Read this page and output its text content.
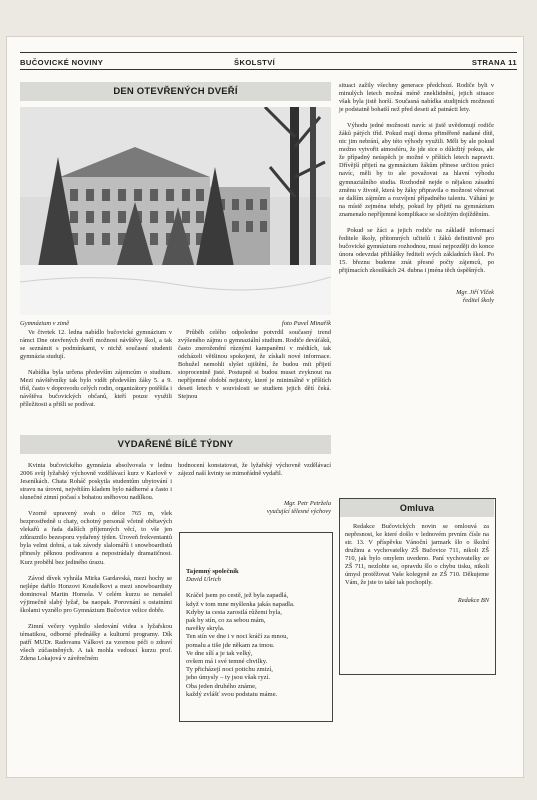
BUČOVICKÉ NOVINY	ŠKOLSTVÍ	STRANA 11
DEN OTEVŘENÝCH DVEŘÍ
Gymnázium v zimě	foto Pavel Minařík

Ve čtvrtek 12. ledna nabídlo bučovické gymnázium v rámci Dne otevřených dveří možnost návštěvy škol, a tak se seznámit s podmínkami, v nichž současní studenti gymnázia studují.

Nabídka byla určena především zájemcům o studium. Mezi návštěvníky tak bylo vidět především žáky 5. a 9. tříd, často v doprovodu celých rodin, organizátory potěšila i návštěva bučovických občanů, kteří pouze využili příležitosti a přišli se podívat.

Průběh celého odpoledne potvrdil současný trend zvýšeného zájmu o gymnaziální studium. Rodiče deváťáků, často zneroženění různými kampaněmi v médiích, tak odcházeli většinou spokojeni, že získali nové informace. Bohužel nemohli slyšet ujištění, že budou mít přijetí stoprocentně jisté. Postupně si budou muset zvyknout na nepříjemné období nejistoty, které je minimálně v příštích deseti letech v souvislosti se studiem jejich dětí čeká. Stejnou

situaci zažily všechny generace předchozí. Rodiče byli v minulých letech možná méně zneklidnění, jejich situace však byla jistě horší. Současná nabídka studijních možností je podstatně bohatší než před deseti až patnácti lety.

Výhodu jedné možnosti navíc si jistě uvědomují rodiče žáků pátých tříd. Pokud mají doma přiměřeně nadané dítě, nic jim nebrání, aby této výhody využili. Měli by ale pokud možno vytvořit atmosféru, že jde sice o důležitý pokus, ale že případný neúspěch je možné v příštích letech napravit. Dřívější přijetí na gymnázium žákům přinese určitou práci navíc, měli by to ale považovat za hlavní výhodu gymnaziálního studia. Rozhodně nejde o nějakou zásadní změnu v životě, která by žáky připravila o možnost věnovat se dalším zájmům a rozvíjení případného talentu. Váhání je na místě zejména tehdy, pokud by přijetí na gymnázium znamenalo nepříjemné komplikace se složitým dojížděním.

Pokud se žáci a jejich rodiče na základě informací ředitele školy, přítomných učitelů i žáků definitivně pro bučovické gymnázium rozhodnou, musí nejpozději do konce února odevzdat přihlášky řediteli svých základních škol. Po 15. březnu budeme znát přesné počty zájemců, po přijímacích zkouškách 24. dubna i jména těch úspěšných.

Mgr. Jiří Vlček

ředitel školy

VYDAŘENÉ BÍLÉ TÝDNY

Kvinta bučovického gymnázia absolvovala v lednu 2006 svůj lyžařský výchovně vzdělávací kurz v Karlově v Jeseníkách. Chata Roháč poskytla studentům ubytování i stravu na úrovni, největším kladem bylo nádherné a často i slunečné zimní počasí s bohatou sněhovou nadílkou.

Vzorně upravený svah o délce 765 m, vlek bezprostředně u chaty, ochotný personál včetně obětavých vlekařů a řada dalších příjemných věcí, to vše jen zdůraznilo bezesporu vydařený týden. Úroveň frekventantů byla velmi dobrá, a tak závody slalomářů i snowboardistů přinesly pěknou podívanou a nepostrádaly dramatičnost. Kurz proběhl bez jediného úrazu.

Závod dívek vyhrála Mirka Gardavská, mezi hochy se nejlépe dařilo Honzovi Koudelkovi a mezi snowboardisty dominoval Martin Homola. V celém kurzu se nenašel výjimečně slabý lyžař, ba naopak. Porovnání s ostatními školami vyznělo pro Gymnázium Bučovice velice dobře.

Zimní večery vyplnilo sledování videa s lyžařskou tématikou, odborné přednášky a kulturní programy. Dík patří MUDr. Radovanu Válkovi za vzornou péči o zdraví všech zúčastněných. A tak mohla vedoucí kurzu prof. Zdena Lokajová v závěrečném

hodnocení konstatovat, že lyžařský výchovně vzdělávací zájezd naší kvinty se mimořádně vydařil.

Mgr. Petr Petržela

vyučující tělesné výchovy

Tajemný společník
David Ulrich
Kráčel jsem po cestě, jež byla zapadlá,
když v tom mne myšlenka jakás napadla.
Kdyby ta cesta zarostlá růžemi byla,
pak by stín, co za sebou mám,
navěky skryla.
Ten stín ve dne i v noci kráčí za mnou,
pomalu a tiše jde někam za tmou.
Ve dne sílí a je tak velký,
ovšem má i své temné chvilky.
Ty přicházejí noci potichu zmizí,
jeho úmysly – ty jsou však ryzí.
Oba jeden druhého známe,
každý zvlášť svou podstatu máme.
Omluva

Redakce Bučovických novin se omlouvá za nepřesnost, ke které došlo v lednovém prvním čísle na str. 13. V příspěvku Vánoční jarmark šlo o školní družinu a vychovatelky ZŠ Bučovice 711, nikoli ZŠ 710, jak bylo omylem uvedeno. Paní vychovatelky ze ZŠ 711, nezlobte se, opravdu šlo o chybu tisku, nikoli úmysl protěžovat Vaše kolegyně ze ZŠ 710. Děkujeme Vám, že jste to také tak pochopily.

Redakce BN
